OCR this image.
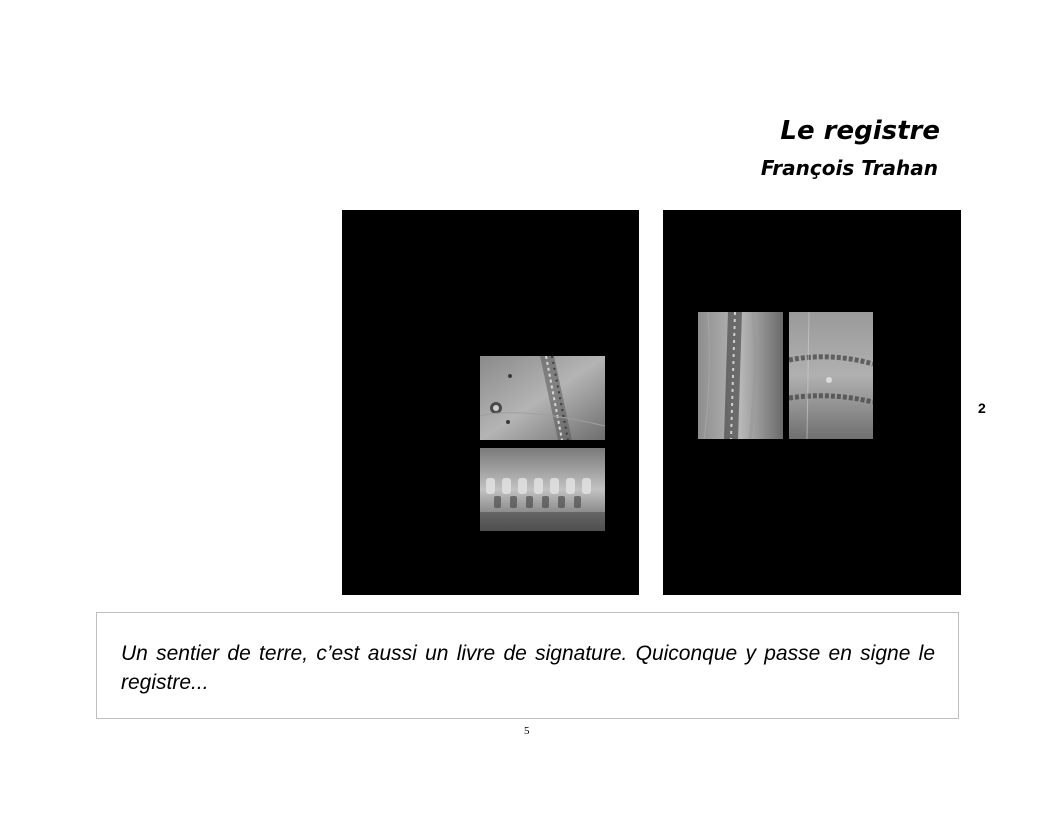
Le registre
François Trahan
2
Un sentier de terre, c’est aussi un livre de signature. Quiconque y passe en signe le registre...
5
